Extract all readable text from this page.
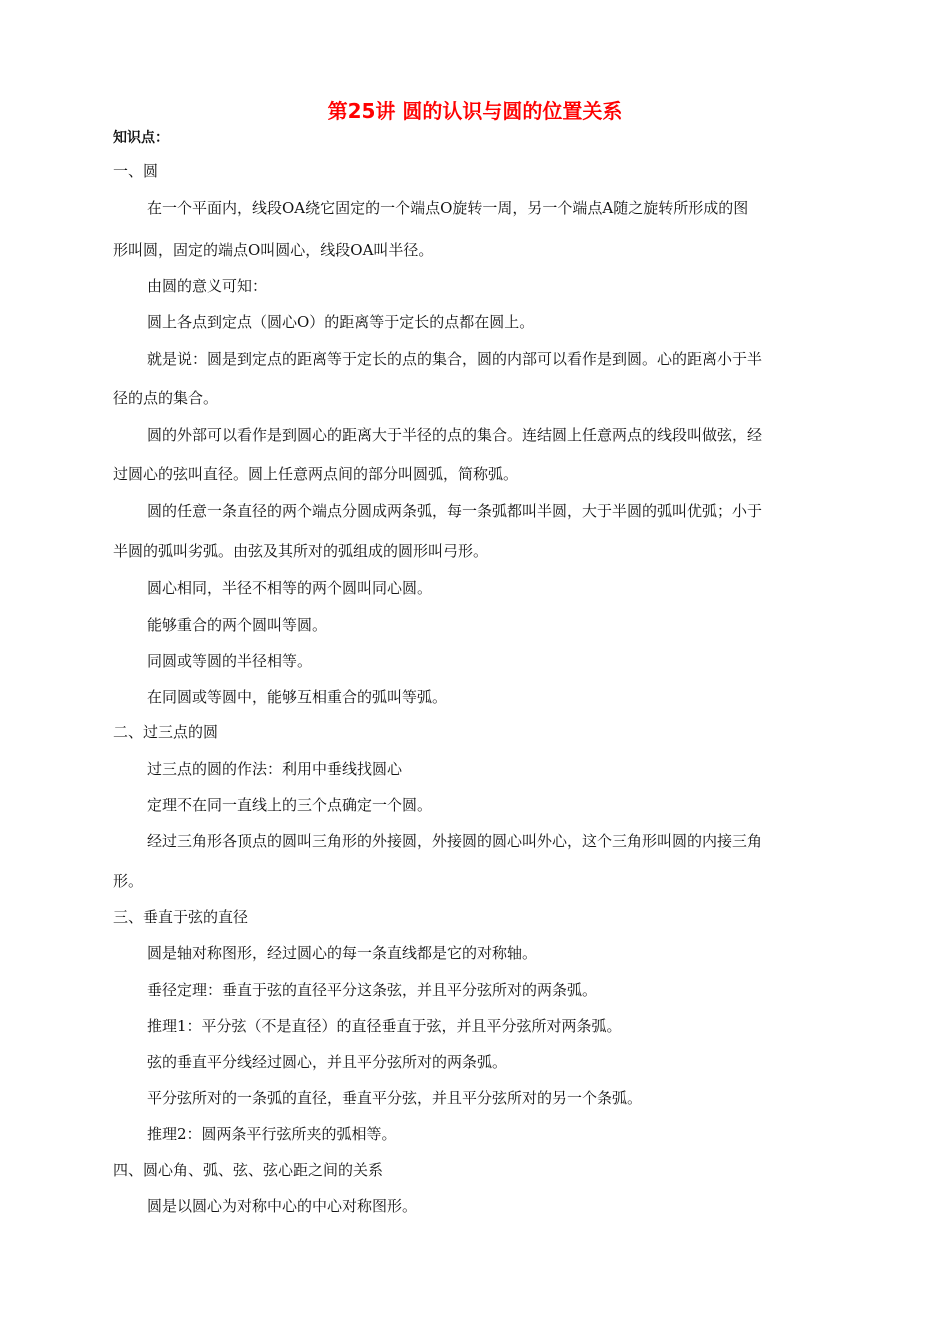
第25讲 圆的认识与圆的位置关系
知识点：
一、圆
在一个平面内，线段OA绕它固定的一个端点O旋转一周，另一个端点A随之旋转所形成的图
形叫圆，固定的端点O叫圆心，线段OA叫半径。
由圆的意义可知：
圆上各点到定点（圆心O）的距离等于定长的点都在圆上。
就是说：圆是到定点的距离等于定长的点的集合，圆的内部可以看作是到圆。心的距离小于半
径的点的集合。
圆的外部可以看作是到圆心的距离大于半径的点的集合。连结圆上任意两点的线段叫做弦，经
过圆心的弦叫直径。圆上任意两点间的部分叫圆弧，简称弧。
圆的任意一条直径的两个端点分圆成两条弧，每一条弧都叫半圆，大于半圆的弧叫优弧；小于
半圆的弧叫劣弧。由弦及其所对的弧组成的圆形叫弓形。
圆心相同，半径不相等的两个圆叫同心圆。
能够重合的两个圆叫等圆。
同圆或等圆的半径相等。
在同圆或等圆中，能够互相重合的弧叫等弧。
二、过三点的圆
过三点的圆的作法：利用中垂线找圆心
定理不在同一直线上的三个点确定一个圆。
经过三角形各顶点的圆叫三角形的外接圆，外接圆的圆心叫外心，这个三角形叫圆的内接三角
形。
三、垂直于弦的直径
圆是轴对称图形，经过圆心的每一条直线都是它的对称轴。
垂径定理：垂直于弦的直径平分这条弦，并且平分弦所对的两条弧。
推理1：平分弦（不是直径）的直径垂直于弦，并且平分弦所对两条弧。
弦的垂直平分线经过圆心，并且平分弦所对的两条弧。
平分弦所对的一条弧的直径，垂直平分弦，并且平分弦所对的另一个条弧。
推理2：圆两条平行弦所夹的弧相等。
四、圆心角、弧、弦、弦心距之间的关系
圆是以圆心为对称中心的中心对称图形。
